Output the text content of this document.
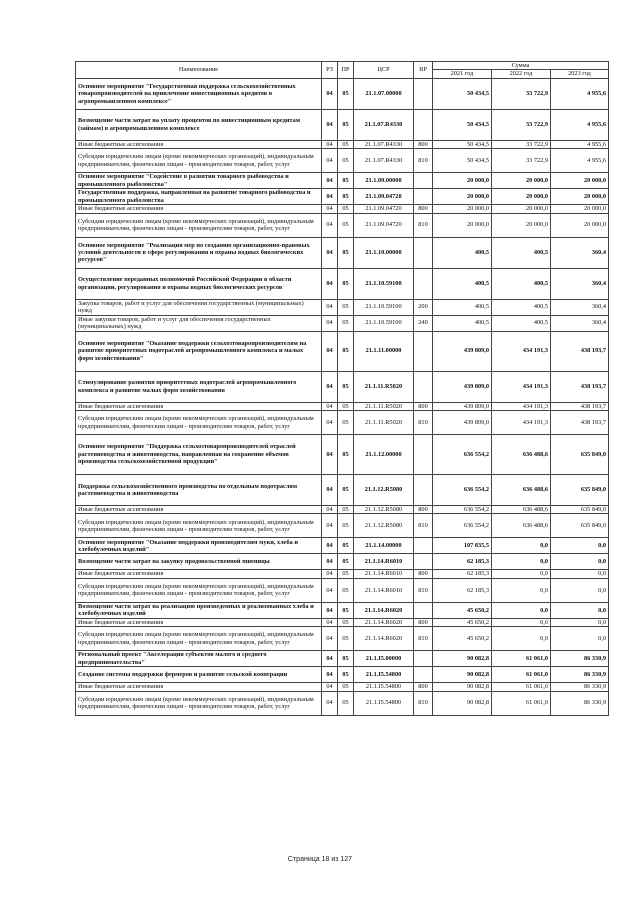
Наименование	РЗ	ПР	ЦСР	ВР	Сумма		
					2021 год	2022 год	2023 год
Основное мероприятие "Государственная поддержка сельскохозяйственных товаропроизводителей на привлечение инвестиционных кредитов в агропромышленном комплексе"	04	05	21.1.07.00000		50 434,5	33 722,9	4 955,6
Возмещение части затрат на уплату процентов по инвестиционным кредитам (займам) в агропромышленном комплексе	04	05	21.1.07.R4330		50 434,5	33 722,9	4 955,6
Иные бюджетные ассигнования	04	05	21.1.07.R4330	800	50 434,5	33 722,9	4 955,6
Субсидии юридическим лицам (кроме некоммерческих организаций), индивидуальным предпринимателям, физическим лицам - производителям товаров, работ, услуг	04	05	21.1.07.R4330	810	50 434,5	33 722,9	4 955,6
Основное мероприятие "Содействие в развитии товарного рыбоводства и промышленного рыболовства"	04	05	21.1.09.00000		20 000,0	20 000,0	20 000,0
Государственная поддержка, направленная на развитие товарного рыбоводства и промышленного рыболовства	04	05	21.1.09.04720		20 000,0	20 000,0	20 000,0
Иные бюджетные ассигнования	04	05	21.1.09.04720	800	20 000,0	20 000,0	20 000,0
Субсидии юридическим лицам (кроме некоммерческих организаций), индивидуальным предпринимателям, физическим лицам - производителям товаров, работ, услуг	04	05	21.1.09.04720	810	20 000,0	20 000,0	20 000,0
Основное мероприятие "Реализация мер по созданию организационно-правовых условий деятельности в сфере регулирования и охраны водных биологических ресурсов"	04	05	21.1.10.00000		400,5	400,5	360,4
Осуществление переданных полномочий Российской Федерации в области организации, регулирования и охраны водных биологических ресурсов	04	05	21.1.10.59100		400,5	400,5	360,4
Закупка товаров, работ и услуг для обеспечения государственных (муниципальных) нужд	04	05	21.1.10.59100	200	400,5	400,5	360,4
Иные закупки товаров, работ и услуг для обеспечения государственных (муниципальных) нужд	04	05	21.1.10.59100	240	400,5	400,5	360,4
Основное мероприятие "Оказание поддержки сельхозтоваропроизводителям на развитие приоритетных подотраслей агропромышленного комплекса и малых форм хозяйствования"	04	05	21.1.11.00000		439 809,0	434 191,3	438 193,7
Стимулирование развития приоритетных подотраслей агропромышленного комплекса и развитие малых форм хозяйствования	04	05	21.1.11.R5020		439 809,0	434 191,3	438 193,7
Иные бюджетные ассигнования	04	05	21.1.11.R5020	800	439 809,0	434 191,3	438 193,7
Субсидии юридическим лицам (кроме некоммерческих организаций), индивидуальным предпринимателям, физическим лицам - производителям товаров, работ, услуг	04	05	21.1.11.R5020	810	439 809,0	434 191,3	438 193,7
Основное мероприятие "Поддержка сельхозтоваропроизводителей отраслей растениеводства и животноводства, направленная на сохранение объемов производства сельскохозяйственной продукции"	04	05	21.1.12.00000		636 554,2	636 488,6	635 849,0
Поддержка сельскохозяйственного производства по отдельным подотраслям растениеводства и животноводства	04	05	21.1.12.R5080		636 554,2	636 488,6	635 849,0
Иные бюджетные ассигнования	04	05	21.1.12.R5080	800	636 554,2	636 488,6	635 849,0
Субсидии юридическим лицам (кроме некоммерческих организаций), индивидуальным предпринимателям, физическим лицам - производителям товаров, работ, услуг	04	05	21.1.12.R5080	810	636 554,2	636 488,6	635 849,0
Основное мероприятие "Оказание поддержки производителям муки, хлеба и хлебобулочных изделий"	04	05	21.1.14.00000		107 835,5	0,0	0,0
Возмещение части затрат на закупку продовольственной пшеницы	04	05	21.1.14.R6010		62 185,3	0,0	0,0
Иные бюджетные ассигнования	04	05	21.1.14.R6010	800	62 185,3	0,0	0,0
Субсидии юридическим лицам (кроме некоммерческих организаций), индивидуальным предпринимателям, физическим лицам - производителям товаров, работ, услуг	04	05	21.1.14.R6010	810	62 185,3	0,0	0,0
Возмещение части затрат на реализацию произведенных и реализованных хлеба и хлебобулочных изделий	04	05	21.1.14.R6020		45 650,2	0,0	0,0
Иные бюджетные ассигнования	04	05	21.1.14.R6020	800	45 650,2	0,0	0,0
Субсидии юридическим лицам (кроме некоммерческих организаций), индивидуальным предпринимателям, физическим лицам - производителям товаров, работ, услуг	04	05	21.1.14.R6020	810	45 650,2	0,0	0,0
Региональный проект "Акселерация субъектов малого и среднего предпринимательства"	04	05	21.1.I5.00000		90 082,8	61 061,0	86 330,9
Создание системы поддержки фермеров и развитие сельской кооперации	04	05	21.1.I5.54800		90 082,8	61 061,0	86 330,9
Иные бюджетные ассигнования	04	05	21.1.I5.54800	800	90 082,8	61 061,0	86 330,9
Субсидии юридическим лицам (кроме некоммерческих организаций), индивидуальным предпринимателям, физическим лицам - производителям товаров, работ, услуг	04	05	21.1.I5.54800	810	90 082,8	61 061,0	86 330,9
Страница 18 из 127
